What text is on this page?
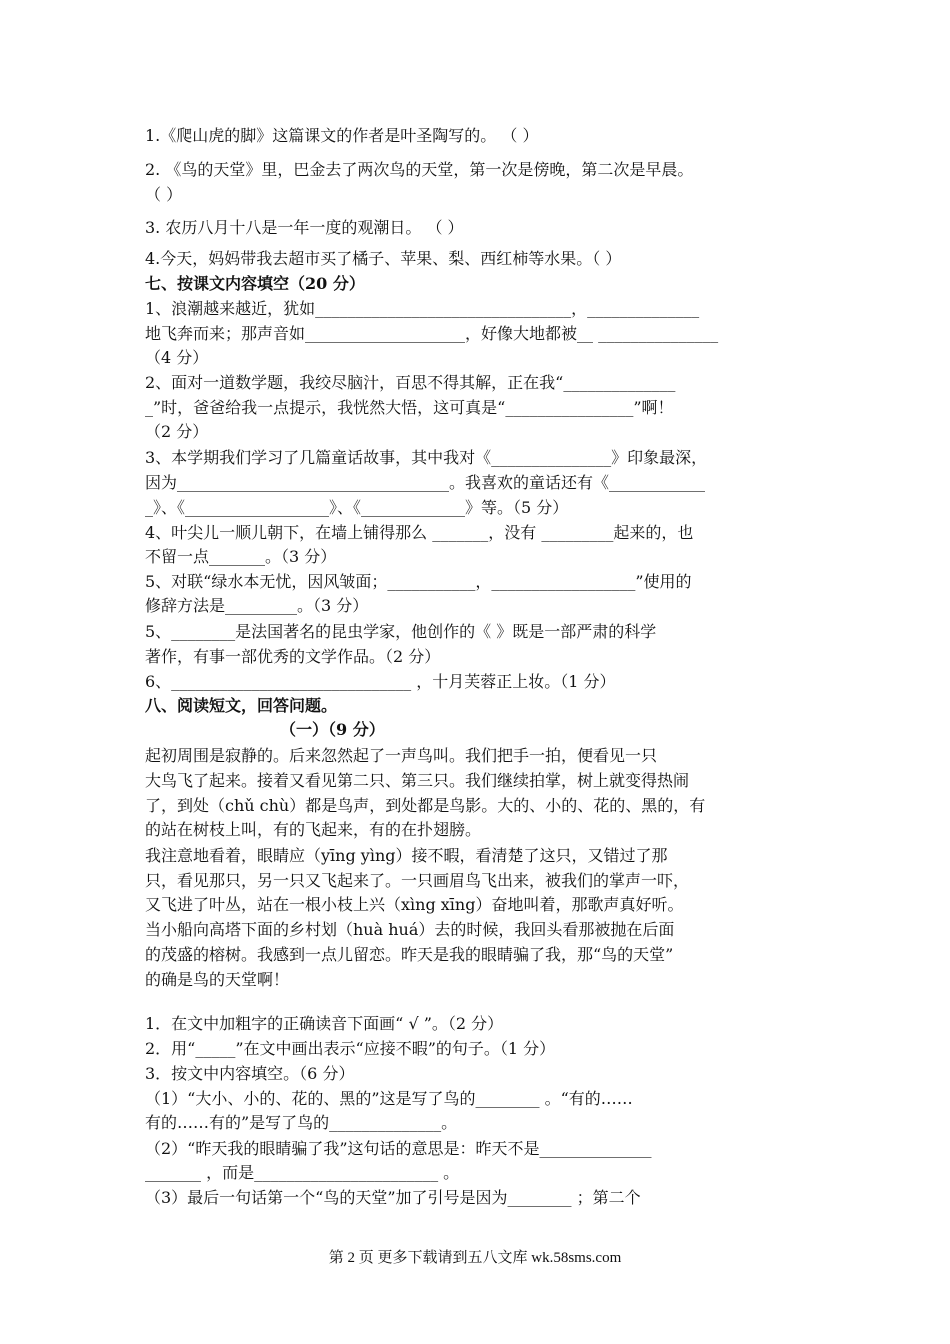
1.《爬山虎的脚》这篇课文的作者是叶圣陶写的。 （ ）
2. 《鸟的天堂》里，巴金去了两次鸟的天堂，第一次是傍晚，第二次是早晨。
（ ）
3. 农历八月十八是一年一度的观潮日。 （ ）
4.今天，妈妈带我去超市买了橘子、苹果、梨、西红柿等水果。（ ）
七、按课文内容填空（20 分）
1、浪潮越来越近，犹如________________________________，______________
地飞奔而来；那声音如____________________，好像大地都被__ _______________
（4 分）
2、面对一道数学题，我绞尽脑汁，百思不得其解，正在我“______________
_”时，爸爸给我一点提示，我恍然大悟，这可真是“________________”啊！
（2 分）
3、本学期我们学习了几篇童话故事，其中我对《_______________》印象最深，
因为__________________________________。我喜欢的童话还有《____________
_》、《__________________》、《_____________》等。（5 分）
4、叶尖儿一顺儿朝下，在墙上铺得那么 _______，没有 _________起来的，也
不留一点_______。（3 分）
5、对联“绿水本无忧，因风皱面；___________，__________________”使用的
修辞方法是_________。（3 分）
5、________是法国著名的昆虫学家，他创作的《 》既是一部严肃的科学
著作，有事一部优秀的文学作品。（2 分）
6、______________________________ ，十月芙蓉正上妆。（1 分）
八、阅读短文，回答问题。
（一）（9 分）
起初周围是寂静的。后来忽然起了一声鸟叫。我们把手一拍，便看见一只
大鸟飞了起来。接着又看见第二只、第三只。我们继续拍掌，树上就变得热闹
了，到处（chǔ chù）都是鸟声，到处都是鸟影。大的、小的、花的、黑的，有
的站在树枝上叫，有的飞起来，有的在扑翅膀。
我注意地看着，眼睛应（yīng yìng）接不暇，看清楚了这只，又错过了那
只，看见那只，另一只又飞起来了。一只画眉鸟飞出来，被我们的掌声一吓，
又飞进了叶丛，站在一根小枝上兴（xìng xīng）奋地叫着，那歌声真好听。
当小船向高塔下面的乡村划（huà huá）去的时候，我回头看那被抛在后面
的茂盛的榕树。我感到一点儿留恋。昨天是我的眼睛骗了我，那“鸟的天堂”
的确是鸟的天堂啊！
1．在文中加粗字的正确读音下面画“ √ ”。（2 分）
2．用“_____”在文中画出表示“应接不暇”的句子。（1 分）
3．按文中内容填空。（6 分）
（1）“大小、小的、花的、黑的”这是写了鸟的________ 。“有的……
有的……有的”是写了鸟的______________。
（2）“昨天我的眼睛骗了我”这句话的意思是：昨天不是______________
_______ ，而是_______________________ 。
（3）最后一句话第一个“鸟的天堂”加了引号是因为________ ；第二个
第 2 页 更多下载请到五八文库 wk.58sms.com
